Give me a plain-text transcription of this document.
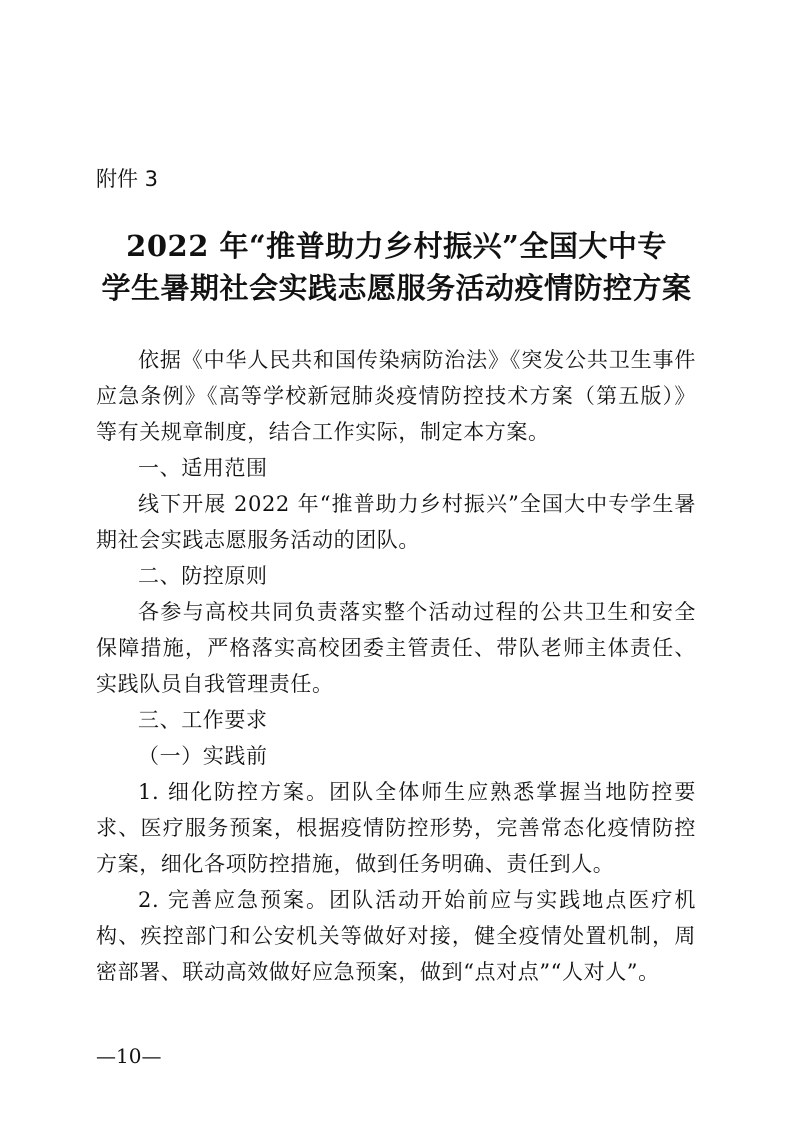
附件 3
2022 年“推普助力乡村振兴”全国大中专
学生暑期社会实践志愿服务活动疫情防控方案

依据《中华人民共和国传染病防治法》《突发公共卫生事件应急条例》《高等学校新冠肺炎疫情防控技术方案（第五版）》等有关规章制度，结合工作实际，制定本方案。

一、适用范围

线下开展 2022 年“推普助力乡村振兴”全国大中专学生暑期社会实践志愿服务活动的团队。

二、防控原则

各参与高校共同负责落实整个活动过程的公共卫生和安全保障措施，严格落实高校团委主管责任、带队老师主体责任、实践队员自我管理责任。

三、工作要求

（一）实践前

1. 细化防控方案。团队全体师生应熟悉掌握当地防控要求、医疗服务预案，根据疫情防控形势，完善常态化疫情防控方案，细化各项防控措施，做到任务明确、责任到人。

2. 完善应急预案。团队活动开始前应与实践地点医疗机构、疾控部门和公安机关等做好对接，健全疫情处置机制，周密部署、联动高效做好应急预案，做到“点对点”“人对人”。

—10—
